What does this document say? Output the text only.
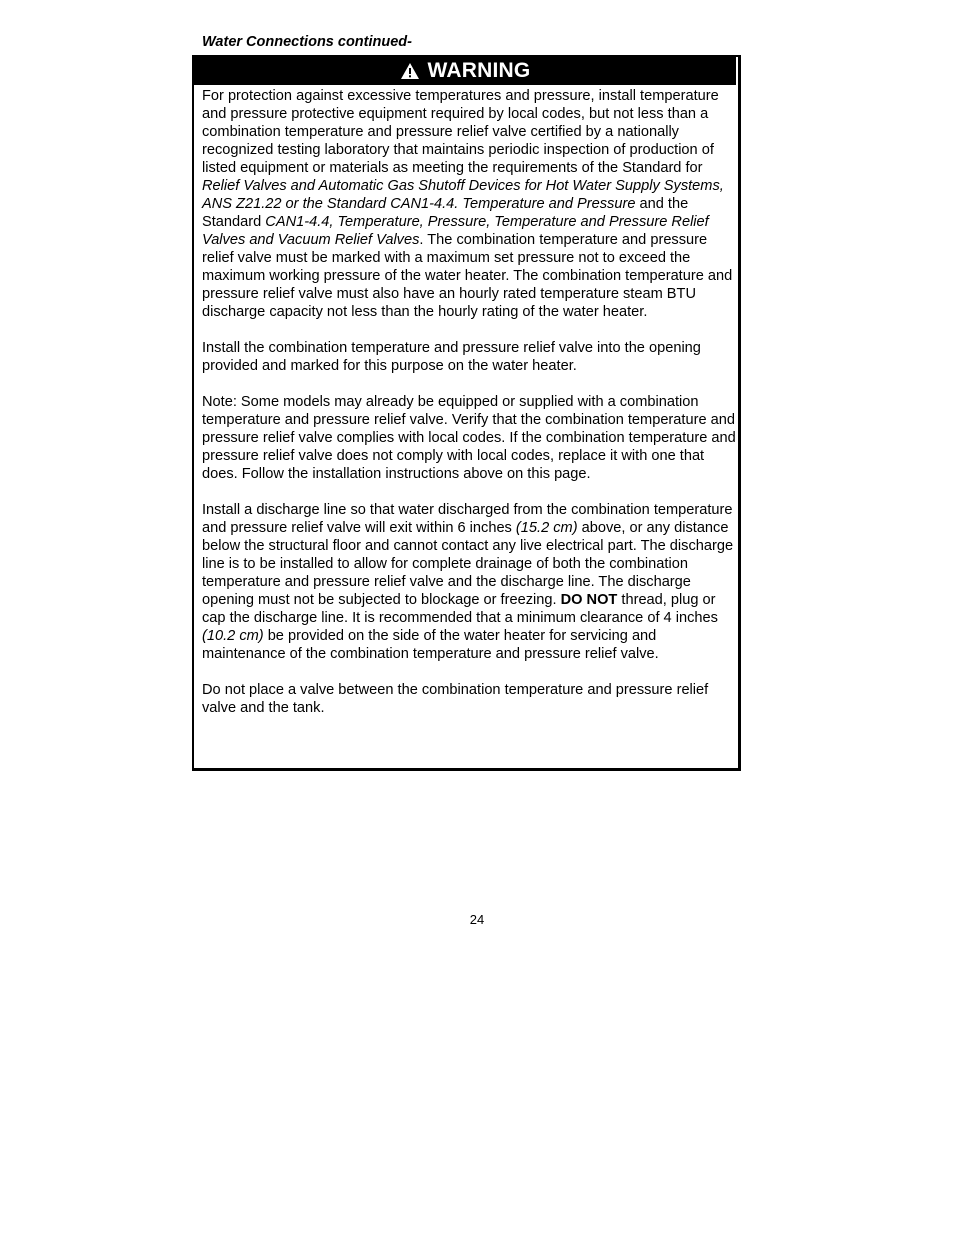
Water Connections continued-
WARNING

For protection against excessive temperatures and pressure, install temperature and pressure protective equipment required by local codes, but not less than a combination temperature and pressure relief valve certified by a nationally recognized testing laboratory that maintains periodic inspection of production of listed equipment or materials as meeting the requirements of the Standard for Relief Valves and Automatic Gas Shutoff Devices for Hot Water Supply Systems, ANS Z21.22 or the Standard CAN1-4.4. Temperature and Pressure and the Standard CAN1-4.4, Temperature, Pressure, Temperature and Pressure Relief Valves and Vacuum Relief Valves. The combination temperature and pressure relief valve must be marked with a maximum set pressure not to exceed the maximum working pressure of the water heater. The combination temperature and pressure relief valve must also have an hourly rated temperature steam BTU discharge capacity not less than the hourly rating of the water heater.

Install the combination temperature and pressure relief valve into the opening provided and marked for this purpose on the water heater.

Note: Some models may already be equipped or supplied with a combination temperature and pressure relief valve. Verify that the combination temperature and pressure relief valve complies with local codes. If the combination temperature and pressure relief valve does not comply with local codes, replace it with one that does. Follow the installation instructions above on this page.

Install a discharge line so that water discharged from the combination temperature and pressure relief valve will exit within 6 inches (15.2 cm) above, or any distance below the structural floor and cannot contact any live electrical part. The discharge line is to be installed to allow for complete drainage of both the combination temperature and pressure relief valve and the discharge line. The discharge opening must not be subjected to blockage or freezing. DO NOT thread, plug or cap the discharge line. It is recommended that a minimum clearance of 4 inches (10.2 cm) be provided on the side of the water heater for servicing and maintenance of the combination temperature and pressure relief valve.

Do not place a valve between the combination temperature and pressure relief valve and the tank.

24
